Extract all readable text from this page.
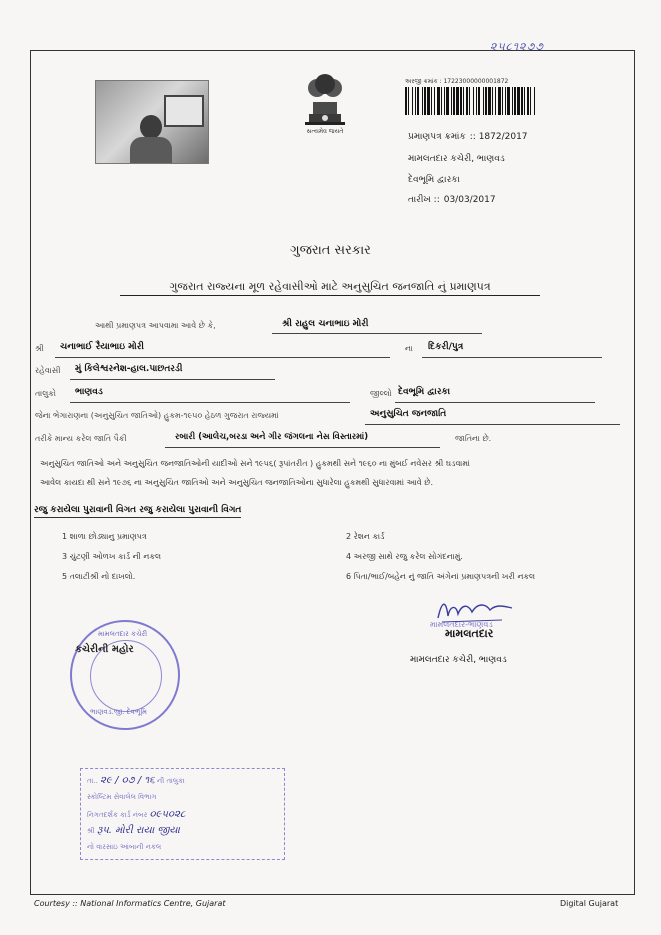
૨૫૮૧૨૭૭
સત્યમેવ જયતે
અરજી ક્રમાંક : 17223000000001872
પ્રમાણપત્ર ક્રમાંક :: 1872/2017
મામલતદાર કચેરી, ભાણવડ
દેવભૂમિ દ્વારકા
તારીખ :: 03/03/2017
ગુજરાત સરકાર
ગુજરાત રાજ્યના મૂળ રહેવાસીઓ માટે અનુસુચિત જનજાતિ નું પ્રમાણપત્ર
આથી પ્રમાણપત્ર આપવામા આવે છે કે,	શ્રી રાહુલ ચનાભાઇ મોરી
શ્રી ચનાભાઈ રૈયાભાઇ મોરી	ના દિકરી/પુત્ર
રહેવાસી મું કિલેશ્વરનેશ-હાલ.પાછતરડી
તાલુકો ભાણવડ	જીલ્લો દેવભૂમિ દ્વારકા
જેના ભેગારાણના (અનુસુચિત જાતિઓ) હુકમ-૧૯૫૦ હેઠળ ગુજરાત રાજ્યમાં	અનુસુચિત જનજાતિ
તરીકે માન્ય કરેલ જાતિ પૈકી	રબારી (આલેચ,બરડા અને ગીર જંગલના નેસ વિસ્તારમાં)	જાતિના છે.
અનુસુચિત જાતિઓ અને અનુસુચિત જનજાતિઓની યાદીઓ સને ૧૯૫૬( રૂપાંતરીત ) હુકમથી સને ૧૯૬૦ ના મુંબઈ નવેસર શ્રી ઘડવામાં
આવેલ કાયદા થી સને ૧૯૭૬ ના અનુસુચિત જાતિઓ અને અનુસુચિત જનજાતિઓના સુધારેલા હુકમથી સુધારવામાં આવે છે.
રજુ કરાયેલા પુરાવાની વિગત રજુ કરાયેલા પુરાવાની વિગત
1 શાળા છોડ્યાનુ પ્રમાણપત્ર	2 રેશન કાર્ડ
3 ચુંટણી ઓળખ કાર્ડ ની નકલ	4 અરજી સાથે રજુ કરેલ સોગંદનામું.
5 તલાટીશ્રી નો દાખલો.	6 પિતા/ભાઈ/બહેન નું જાતિ અંગેનાં પ્રમાણપત્રની ખરી નકલ
મામલતદાર કચેરી
કચેરીની મહોર
ભાણવડ.જી. દેવભૂમિ
મામલતદાર-ભાણવડ
મામલતદાર
મામલતદાર કચેરી, ભાણવડ
તા.. ૨૯ / ૦૭ / ૧૬ ની તાલુકા
સ્કોલ્ટિમ સેવાલેલ વિભાગ
નિગતદર્શક કાર્ડ નંબર ૦૯૫૦૨૮
શ્રી રૂપ. મોરી રાયા જીયા
નો વારસાઇ આંબાની નકલ
Courtesy :: National Informatics Centre, Gujarat	Digital Gujarat
